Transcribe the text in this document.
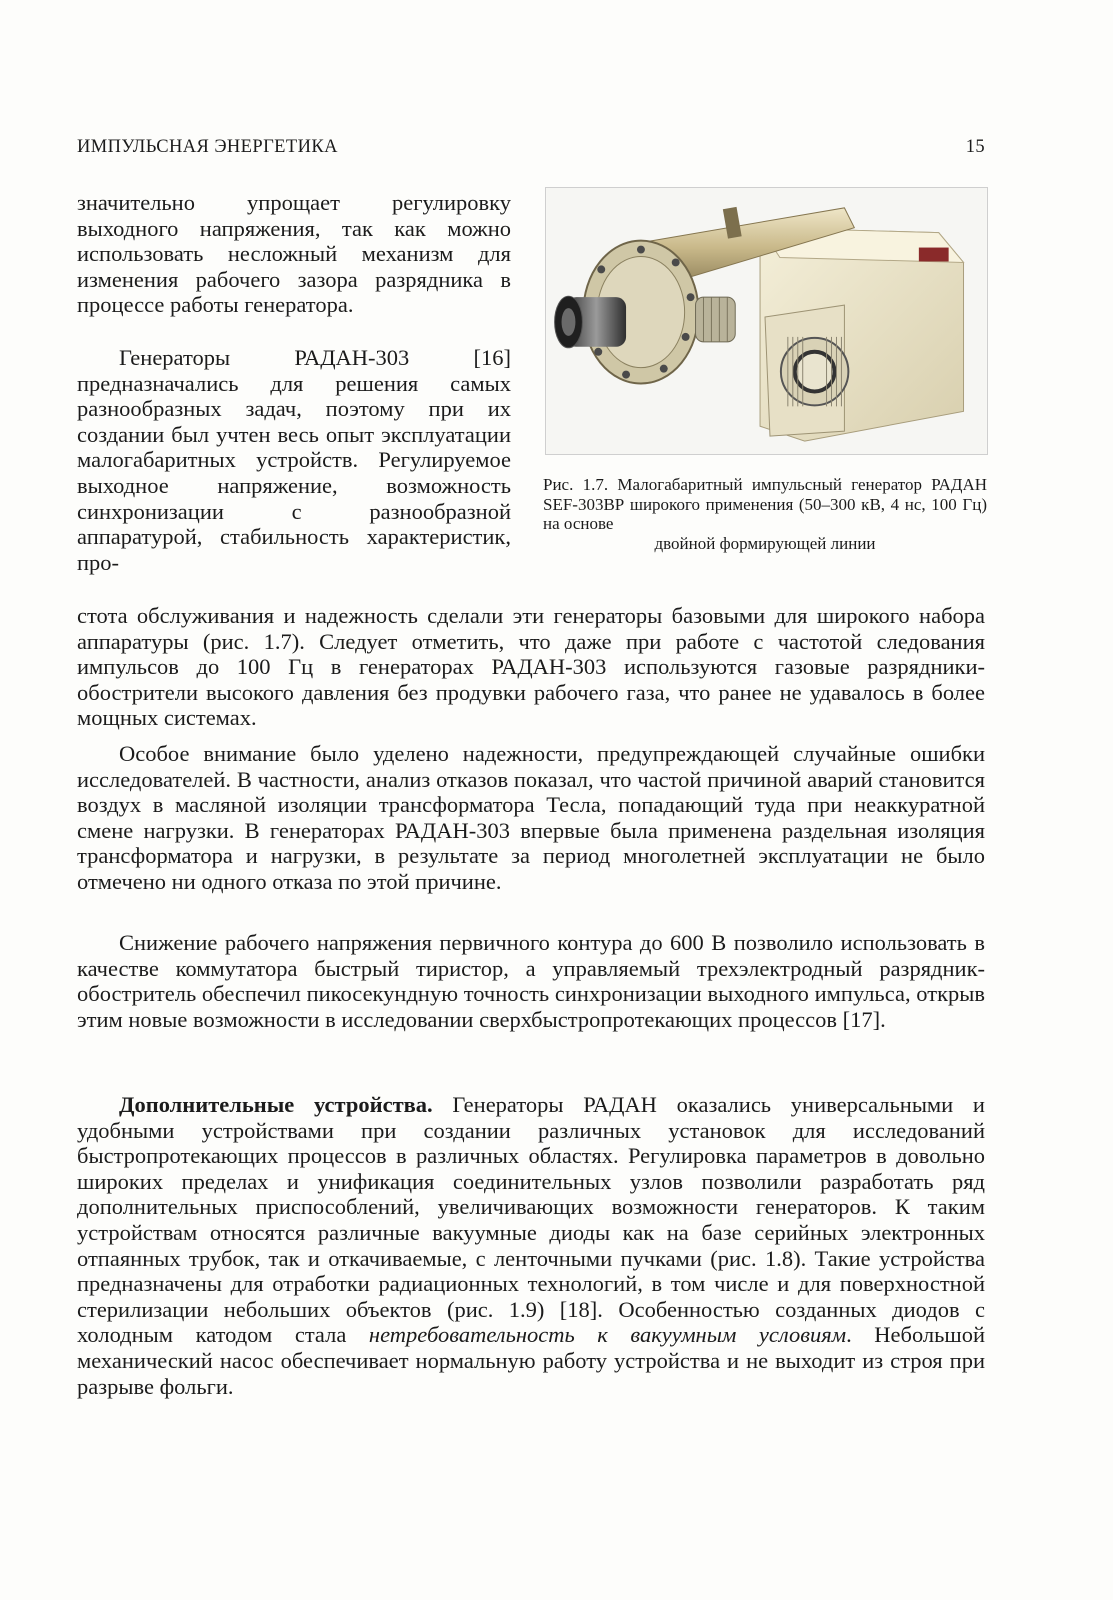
ИМПУЛЬСНАЯ ЭНЕРГЕТИКА	15

значительно упрощает регулировку выходного напряжения, так как можно использовать несложный механизм для изменения рабочего зазора разрядника в процессе работы генератора.

Генераторы РАДАН-303 [16] предназначались для решения самых разнообразных задач, поэтому при их создании был учтен весь опыт эксплуатации малогабаритных устройств. Регулируемое выходное напряжение, возможность синхронизации с разнообразной аппаратурой, стабильность характеристик, про-

стота обслуживания и надежность сделали эти генераторы базовыми для широкого набора аппаратуры (рис. 1.7). Следует отметить, что даже при работе с частотой следования импульсов до 100 Гц в генераторах РАДАН-303 используются газовые разрядники-обострители высокого давления без продувки рабочего газа, что ранее не удавалось в более мощных системах.

Особое внимание было уделено надежности, предупреждающей случайные ошибки исследователей. В частности, анализ отказов показал, что частой причиной аварий становится воздух в масляной изоляции трансформатора Тесла, попадающий туда при неаккуратной смене нагрузки. В генераторах РАДАН-303 впервые была применена раздельная изоляция трансформатора и нагрузки, в результате за период многолетней эксплуатации не было отмечено ни одного отказа по этой причине.

Снижение рабочего напряжения первичного контура до 600 В позволило использовать в качестве коммутатора быстрый тиристор, а управляемый трехэлектродный разрядник-обостритель обеспечил пикосекундную точность синхронизации выходного импульса, открыв этим новые возможности в исследовании сверхбыстропротекающих процессов [17].

Дополнительные устройства. Генераторы РАДАН оказались универсальными и удобными устройствами при создании различных установок для исследований быстропротекающих процессов в различных областях. Регулировка параметров в довольно широких пределах и унификация соединительных узлов позволили разработать ряд дополнительных приспособлений, увеличивающих возможности генераторов. К таким устройствам относятся различные вакуумные диоды как на базе серийных электронных отпаянных трубок, так и откачиваемые, с ленточными пучками (рис. 1.8). Такие устройства предназначены для отработки радиационных технологий, в том числе и для поверхностной стерилизации небольших объектов (рис. 1.9) [18]. Особенностью созданных диодов с холодным катодом стала нетребовательность к вакуумным условиям. Небольшой механический насос обеспечивает нормальную работу устройства и не выходит из строя при разрыве фольги.

Рис. 1.7. Малогабаритный импульсный генератор РАДАН SEF-303ВР широкого применения (50–300 кВ, 4 нс, 100 Гц) на основе
двойной формирующей линии
